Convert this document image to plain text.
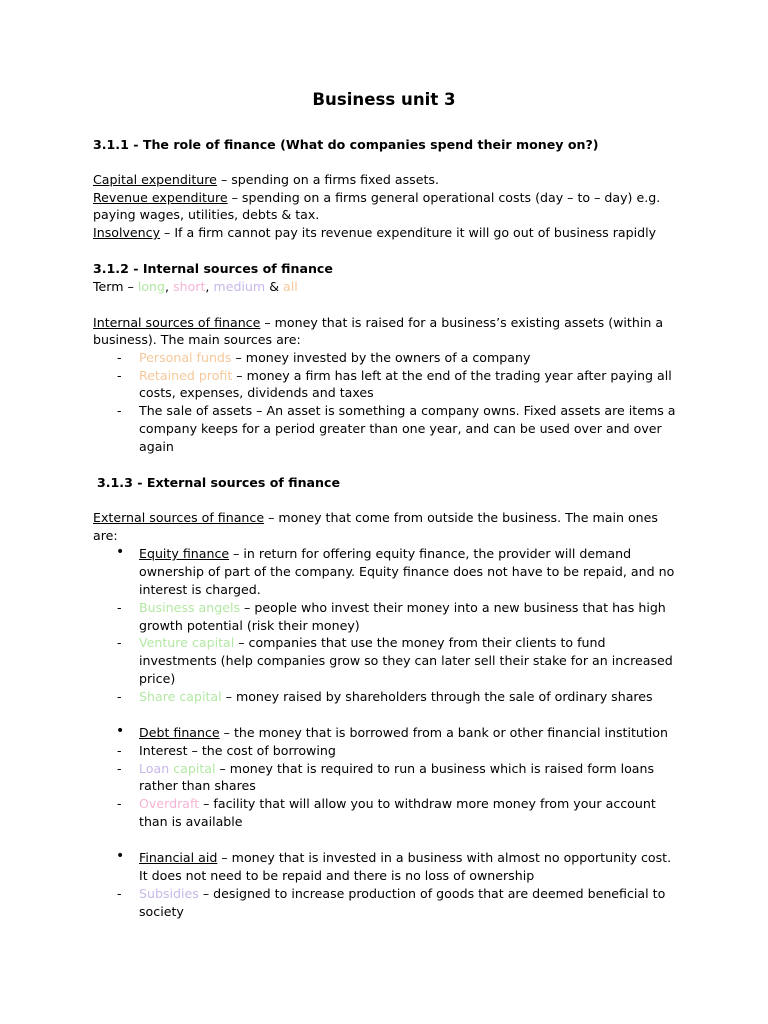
Business unit 3
3.1.1 - The role of finance (What do companies spend their money on?)
Capital expenditure – spending on a firms fixed assets.
Revenue expenditure – spending on a firms general operational costs (day – to – day) e.g.
paying wages, utilities, debts & tax.
Insolvency – If a firm cannot pay its revenue expenditure it will go out of business rapidly
3.1.2 - Internal sources of finance
Term – long, short, medium & all
Internal sources of finance – money that is raised for a business’s existing assets (within a
business). The main sources are:
- Personal funds – money invested by the owners of a company
- Retained profit – money a firm has left at the end of the trading year after paying all
costs, expenses, dividends and taxes
- The sale of assets – An asset is something a company owns. Fixed assets are items a
company keeps for a period greater than one year, and can be used over and over
again
3.1.3 - External sources of finance
External sources of finance – money that come from outside the business. The main ones
are:
• Equity finance – in return for offering equity finance, the provider will demand
ownership of part of the company. Equity finance does not have to be repaid, and no
interest is charged.
- Business angels – people who invest their money into a new business that has high
growth potential (risk their money)
- Venture capital – companies that use the money from their clients to fund
investments (help companies grow so they can later sell their stake for an increased
price)
- Share capital – money raised by shareholders through the sale of ordinary shares
• Debt finance – the money that is borrowed from a bank or other financial institution
- Interest – the cost of borrowing
- Loan capital – money that is required to run a business which is raised form loans
rather than shares
- Overdraft – facility that will allow you to withdraw more money from your account
than is available
• Financial aid – money that is invested in a business with almost no opportunity cost.
It does not need to be repaid and there is no loss of ownership
- Subsidies – designed to increase production of goods that are deemed beneficial to
society
